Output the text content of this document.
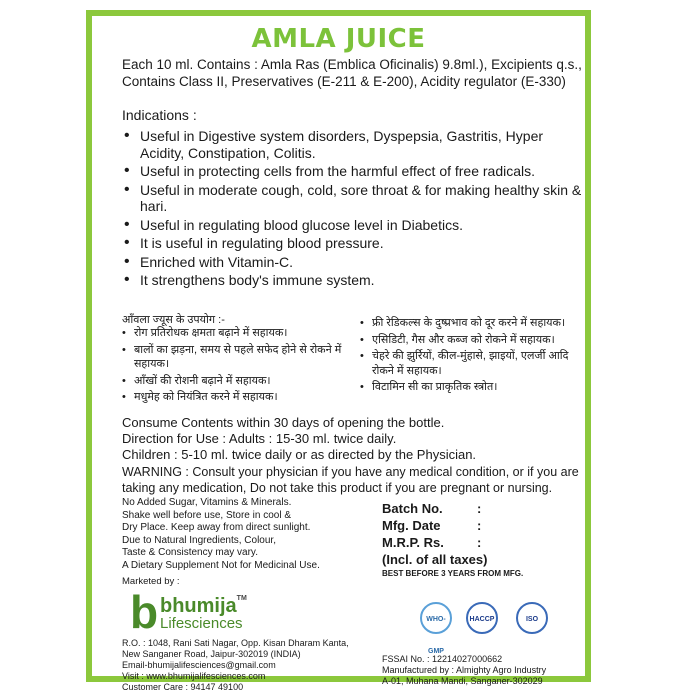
AMLA JUICE
Each 10 ml. Contains : Amla Ras (Emblica Oficinalis) 9.8ml.), Excipients q.s., Contains Class II, Preservatives (E-211 & E-200), Acidity regulator (E-330)
Indications :
• Useful in Digestive system disorders, Dyspepsia, Gastritis, Hyper Acidity, Constipation, Colitis.
• Useful in protecting cells from the harmful effect of free radicals.
• Useful in moderate cough, cold, sore throat & for making healthy skin & hari.
• Useful in regulating blood glucose level in Diabetics.
• It is useful in regulating blood pressure.
• Enriched with Vitamin-C.
• It strengthens body's immune system.
आँवला ज्यूस के उपयोग :-
• रोग प्रतिरोधक क्षमता बढ़ाने में सहायक।
• बालों का झड़ना, समय से पहले सफेद होने से रोकने में सहायक।
• आँखों की रोशनी बढ़ाने में सहायक।
• मधुमेह को नियंत्रित करने में सहायक।
• फ्री रेडिकल्स के दुष्प्रभाव को दूर करने में सहायक।
• एसिडिटी, गैस और कब्ज को रोकने में सहायक।
• चेहरे की झुर्रियों, कील-मुंहासे, झाइयों, एलर्जी आदि रोकने में सहायक।
• विटामिन सी का प्राकृतिक स्त्रोत।
Consume Contents within 30 days of opening the bottle.
Direction for Use : Adults : 15-30 ml. twice daily.
Children : 5-10 ml. twice daily or as directed by the Physician.
WARNING : Consult your physician if you have any medical condition, or if you are taking any medication, Do not take this product if you are pregnant or nursing.
No Added Sugar, Vitamins & Minerals.
Shake well before use, Store in cool &
Dry Place. Keep away from direct sunlight.
Due to Natural Ingredients, Colour,
Taste & Consistency may vary.
A Dietary Supplement Not for Medicinal Use.
Batch No.	:
Mfg. Date	:
M.R.P. Rs.	:
(Incl. of all taxes)
BEST BEFORE 3 YEARS FROM MFG.
Marketed by :
b bhumija™
Lifesciences	WHO-GMP
HACCP	ISO
R.O. : 1048, Rani Sati Nagar, Opp. Kisan Dharam Kanta,
New Sanganer Road, Jaipur-302019 (INDIA)
Email-bhumijalifesciences@gmail.com
Visit : www.bhumijalifesciences.com
Customer Care : 94147 49100
FSSAI No. : 12214027000662
Manufactured by : Almighty Agro Industry
A-01, Muhana Mandi, Sanganer-302029
